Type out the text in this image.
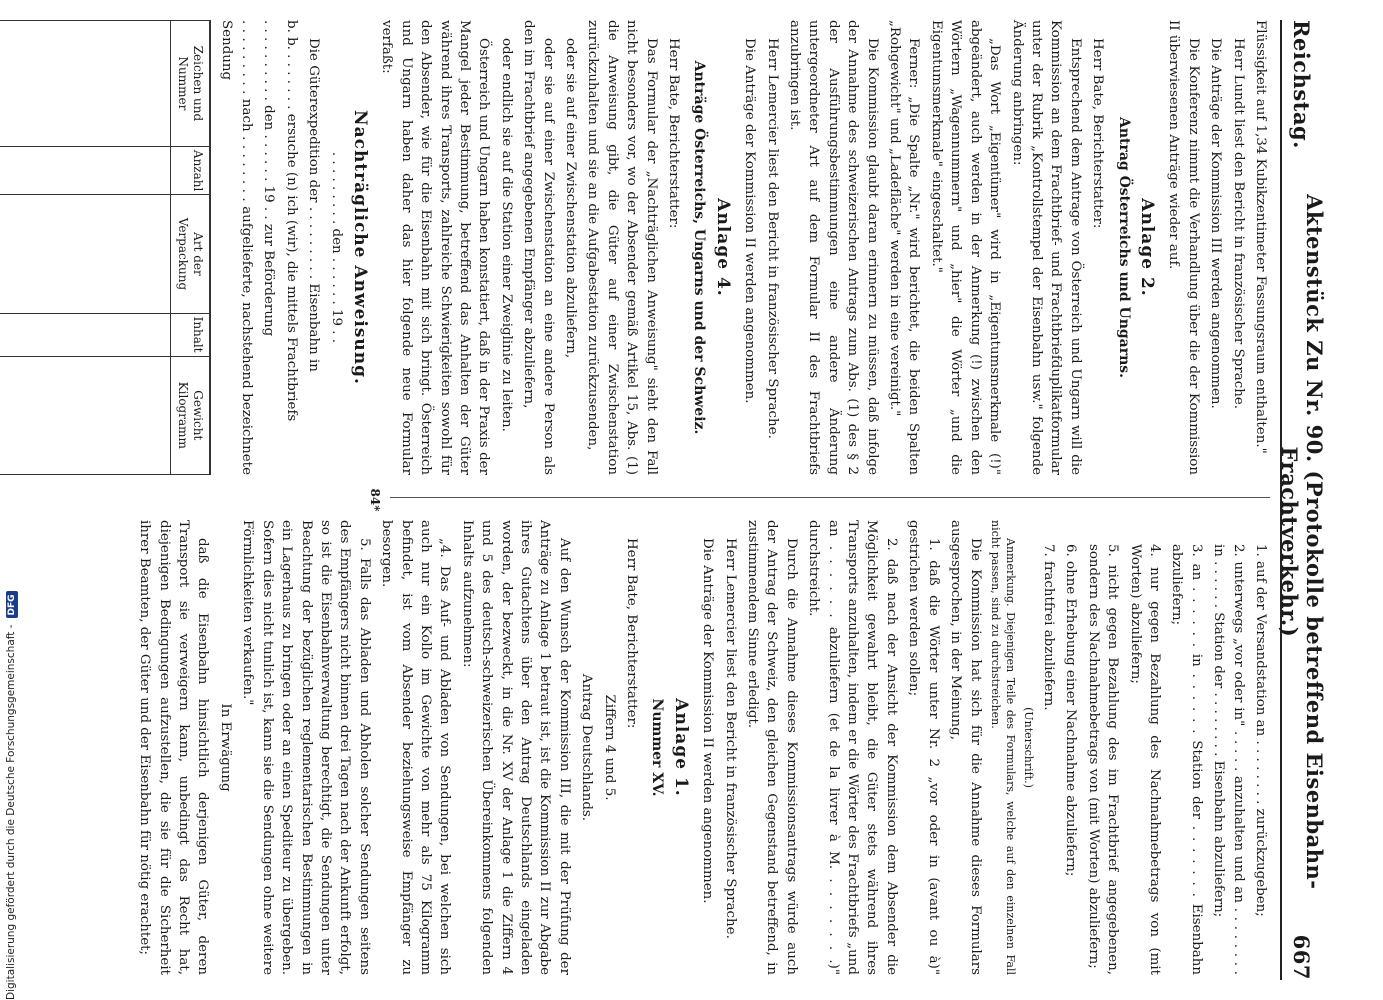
Reichstag.
Aktenstück Zu Nr. 90. (Protokolle betreffend Eisenbahn-Frachtverkehr.)
667

Flüssigkeit auf 1,34 Kubikzentimeter Fassungsraum enthalten."

Herr Lundt liest den Bericht in französischer Sprache.

Die Anträge der Kommission III werden angenommen.

Die Konferenz nimmt die Verhandlung über die der Kommission II überwiesenen Anträge wieder auf.

Anlage 2.
Antrag Österreichs und Ungarns.

Herr Bate, Berichterstatter:

Entsprechend dem Antrage von Österreich und Ungarn will die Kommission an dem Frachtbrief- und Frachtbriefduplikatformular unter der Rubrik „Kontrollstempel der Eisenbahn usw." folgende Änderung anbringen:

„Das Wort „Eigentümer" wird in „Eigentumsmerkmale (!)" abgeändert, auch werden in der Anmerkung (!) zwischen den Wörtern „Wagennummern" und „hier" die Wörter „und die Eigentumsmerkmale" eingeschaltet."

Ferner: „Die Spalte „Nr." wird berichtet, die beiden Spalten „Rohgewicht" und „Ladefläche" werden in eine vereinigt."

Die Kommission glaubt daran erinnern zu müssen, daß infolge der Annahme des schweizerischen Antrags zum Abs. (1) des § 2 der Ausführungsbestimmungen eine andere Änderung untergeordneter Art auf dem Formular II des Frachtbriefs anzubringen ist.

Herr Lemercier liest den Bericht in französischer Sprache.

Die Anträge der Kommission II werden angenommen.

Anlage 4.
Anträge Österreichs, Ungarns und der Schweiz.

Herr Bate, Berichterstatter:

Das Formular der „Nachträglichen Anweisung" sieht den Fall nicht besonders vor, wo der Absender gemäß Artikel 15, Abs. (1) die Anweisung gibt, die Güter auf einer Zwischenstation zurückzuhalten und sie an die Aufgabestation zurückzusenden,

oder sie auf einer Zwischenstation abzuliefern,

oder sie auf einer Zwischenstation an eine andere Person als den im Frachtbrief angegebenen Empfänger abzuliefern,

oder endlich sie auf die Station einer Zweiglinie zu leiten.

Österreich und Ungarn haben konstatiert, daß in der Praxis der Mangel jeder Bestimmung, betreffend das Anhalten der Güter während ihres Transports, zahlreiche Schwierigkeiten sowohl für den Absender, wie für die Eisenbahn mit sich bringt. Österreich und Ungarn haben daher das hier folgende neue Formular verfaßt:

Nachträgliche Anweisung.

. . . . . . . . . den . . . . . . 19 . .

Die Güterexpedition der . . . . . . . . . Eisenbahn in

b. b. . . . . . . . ersuche (n) ich (wir), die mittels Frachtbriefs

. . . . . . . . . . den . . . . . . 19 . . zur Beförderung

. . . . . . . . . nach . . . . . . . . aufgelieferte, nachstehend bezeichnete Sendung

Zeichen und Nummer	Anzahl	Art der Verpackung	Inhalt	Gewicht Kilogramm

1. auf der Versandstation an . . . . . . . . zurückzugeben;

2. unterwegs „vor oder in" . . . . . anzuhalten und an . . . . . . . . in . . . . . . Station der . . . . . . . . Eisenbahn abzuliefern;

3. an . . . . . . in . . . . . . Station der . . . . . . . Eisenbahn abzuliefern;

4. nur gegen Bezahlung des Nachnahmebetrags von (mit Worten) abzuliefern;

5. nicht gegen Bezahlung des im Frachtbrief angegebenen, sondern des Nachnahmebetrags von (mit Worten) abzuliefern;

6. ohne Erhebung einer Nachnahme abzuliefern;

7. frachtfrei abzuliefern.

(Unterschrift.)

Anmerkung. Diejenigen Teile des Formulars, welche auf den einzelnen Fall nicht passen, sind zu durchstreichen.

Die Kommission hat sich für die Annahme dieses Formulars ausgesprochen, in der Meinung,

1. daß die Wörter unter Nr. 2 „vor oder in (avant ou à)" gestrichen werden sollen;

2. daß nach der Ansicht der Kommission dem Absender die Möglichkeit gewahrt bleibt, die Güter stets während ihres Transports anzuhalten, indem er die Wörter des Frachtbriefs „und an . . . . . . abzuliefern (et de la livrer à M. . . . . . . .)" durchstreicht.

Durch die Annahme dieses Kommissionsantrags würde auch der Antrag der Schweiz, den gleichen Gegenstand betreffend, in zustimmendem Sinne erledigt.

Herr Lemercier liest den Bericht in französischer Sprache.

Die Anträge der Kommission II werden angenommen.

Anlage 1.
Nummer XV.

Herr Bate, Berichterstatter:

Ziffern 4 und 5.

Antrag Deutschlands.

Auf den Wunsch der Kommission III, die mit der Prüfung der Anträge zu Anlage 1 betraut ist, ist die Kommission II zur Abgabe ihres Gutachtens über den Antrag Deutschlands eingeladen worden, der bezweckt, in die Nr. XV der Anlage 1 die Ziffern 4 und 5 des deutsch-schweizerischen Übereinkommens folgenden Inhalts aufzunehmen:

„4. Das Auf- und Abladen von Sendungen, bei welchen sich auch nur ein Kollo im Gewichte von mehr als 75 Kilogramm befindet, ist vom Absender beziehungsweise Empfänger zu besorgen.

5. Falls das Abladen und Abholen solcher Sendungen seitens des Empfängers nicht binnen drei Tagen nach der Ankunft erfolgt, so ist die Eisenbahnverwaltung berechtigt, die Sendungen unter Beachtung der bezüglichen reglementarischen Bestimmungen in ein Lagerhaus zu bringen oder an einen Spediteur zu übergeben. Sofern dies nicht tunlich ist, kann sie die Sendungen ohne weitere Förmlichkeiten verkaufen."

In Erwägung

daß die Eisenbahn hinsichtlich derjenigen Güter, deren Transport sie verweigern kann, unbedingt das Recht hat, diejenigen Bedingungen aufzustellen, die sie für die Sicherheit ihrer Beamten, der Güter und der Eisenbahn für nötig erachtet;

84*
Digitalisierung gefördert durch die Deutsche Forschungsgemeinschaft -DFG
